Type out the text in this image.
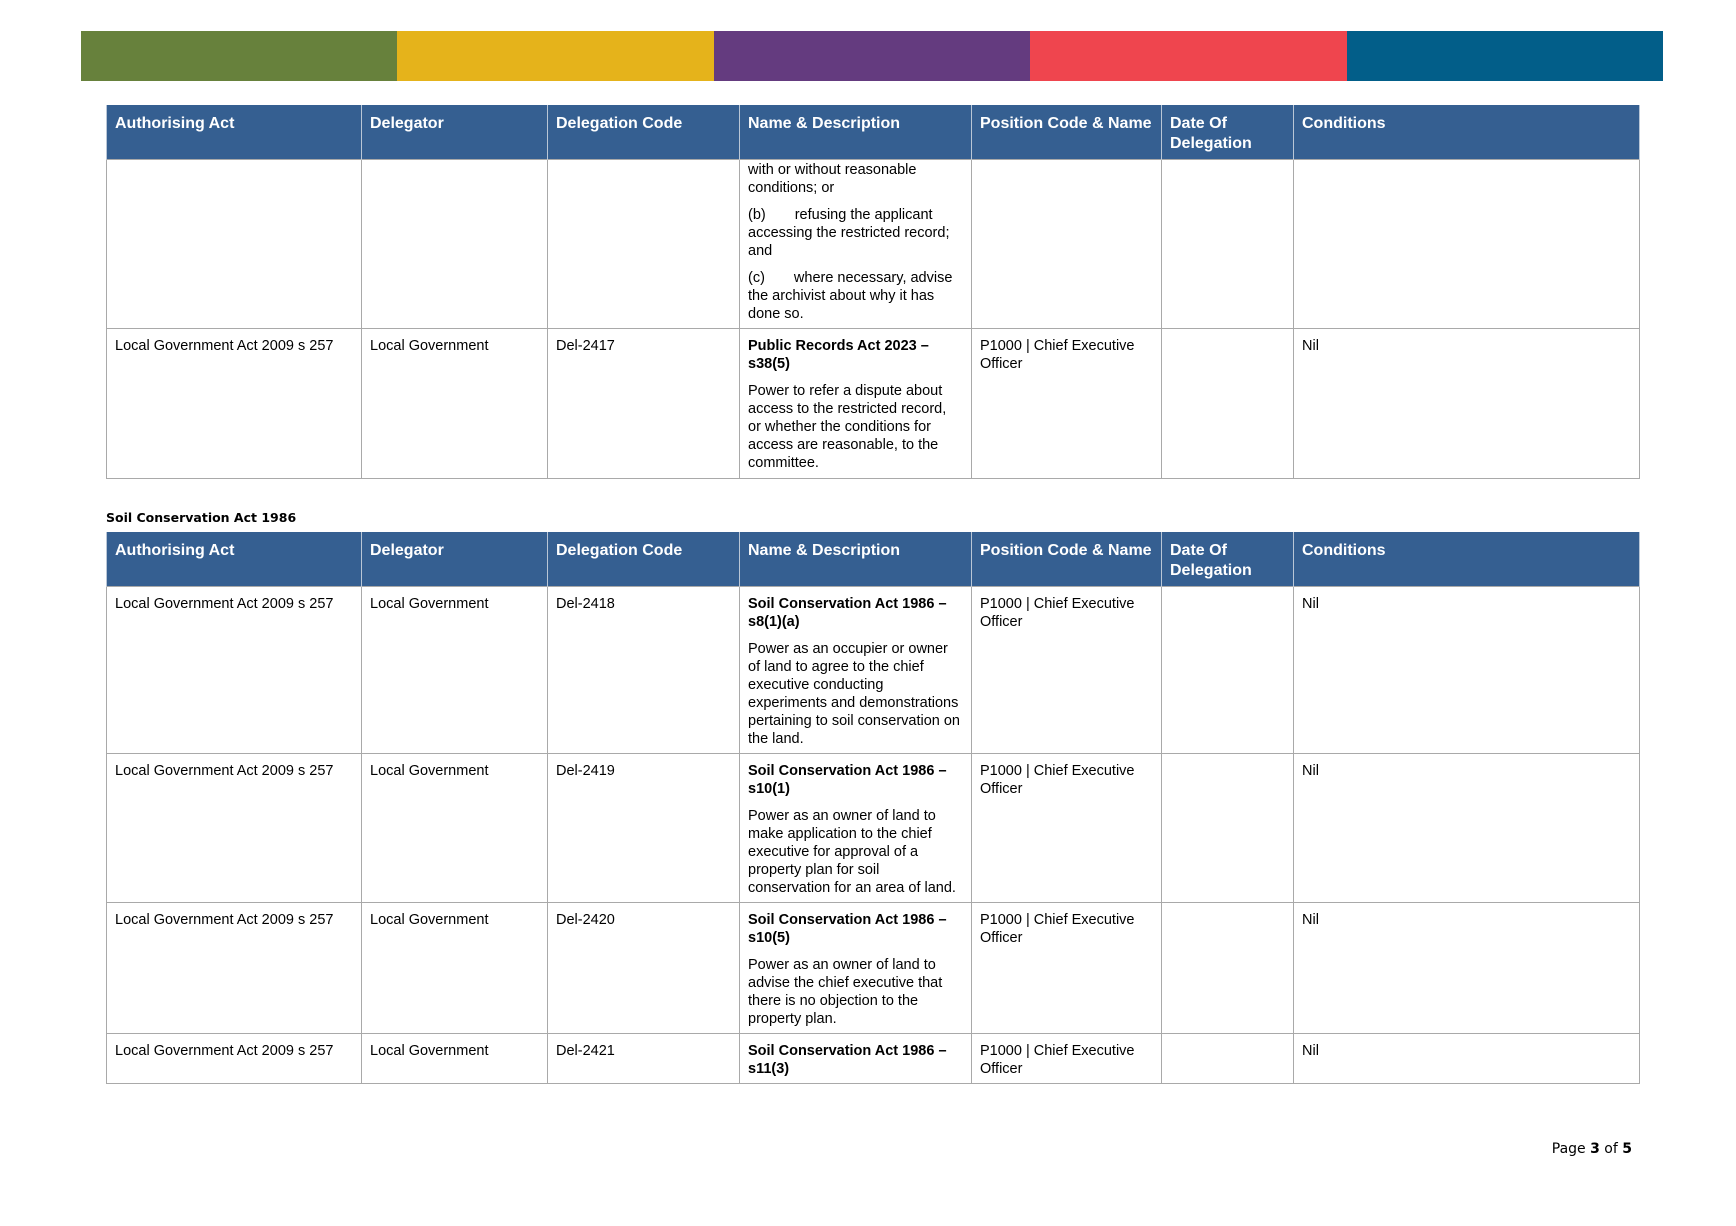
Authorising Act	Delegator	Delegation Code	Name & Description	Position Code & Name	Date Of Delegation	Conditions

			with or without reasonable conditions; or
(b)  refusing the applicant accessing the restricted record; and
(c)  where necessary, advise the archivist about why it has done so.			

Local Government Act 2009 s 257	Local Government	Del-2417	Public Records Act 2023 – s38(5)
Power to refer a dispute about access to the restricted record, or whether the conditions for access are reasonable, to the committee.	P1000 | Chief Executive Officer		Nil
Soil Conservation Act 1986
Authorising Act	Delegator	Delegation Code	Name & Description	Position Code & Name	Date Of Delegation	Conditions
Local Government Act 2009 s 257	Local Government	Del-2418	Soil Conservation Act 1986 – s8(1)(a)
Power as an occupier or owner of land to agree to the chief executive conducting experiments and demonstrations pertaining to soil conservation on the land.	P1000 | Chief Executive Officer		Nil
Local Government Act 2009 s 257	Local Government	Del-2419	Soil Conservation Act 1986 – s10(1)
Power as an owner of land to make application to the chief executive for approval of a property plan for soil conservation for an area of land.	P1000 | Chief Executive Officer		Nil
Local Government Act 2009 s 257	Local Government	Del-2420	Soil Conservation Act 1986 – s10(5)
Power as an owner of land to advise the chief executive that there is no objection to the property plan.	P1000 | Chief Executive Officer		Nil
Local Government Act 2009 s 257	Local Government	Del-2421	Soil Conservation Act 1986 – s11(3)	P1000 | Chief Executive Officer		Nil
Page 3 of 5
